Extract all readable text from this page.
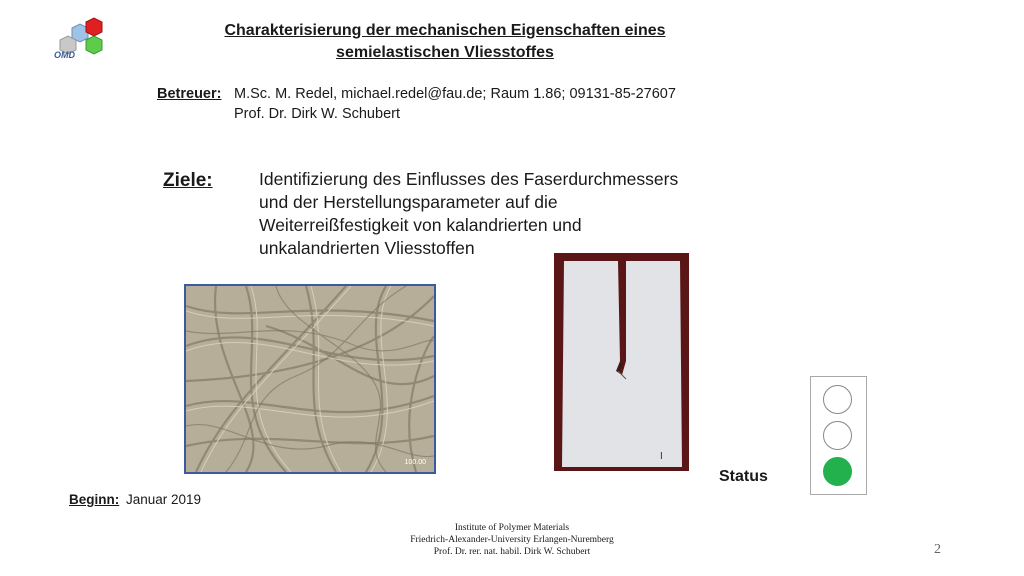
OMD
Charakterisierung der mechanischen Eigenschaften eines
semielastischen Vliesstoffes
Betreuer: M.Sc. M. Redel, michael.redel@fau.de; Raum 1.86; 09131-85-27607
Prof. Dr. Dirk W. Schubert
Ziele:	Identifizierung des Einflusses des Faserdurchmessers
und der Herstellungsparameter auf die
Weiterreißfestigkeit von kalandrierten und
unkalandrierten Vliesstoffen
100.00
I
Status
Beginn: Januar 2019
Institute of Polymer Materials
Friedrich-Alexander-University Erlangen-Nuremberg
Prof. Dr. rer. nat. habil. Dirk W. Schubert	2
